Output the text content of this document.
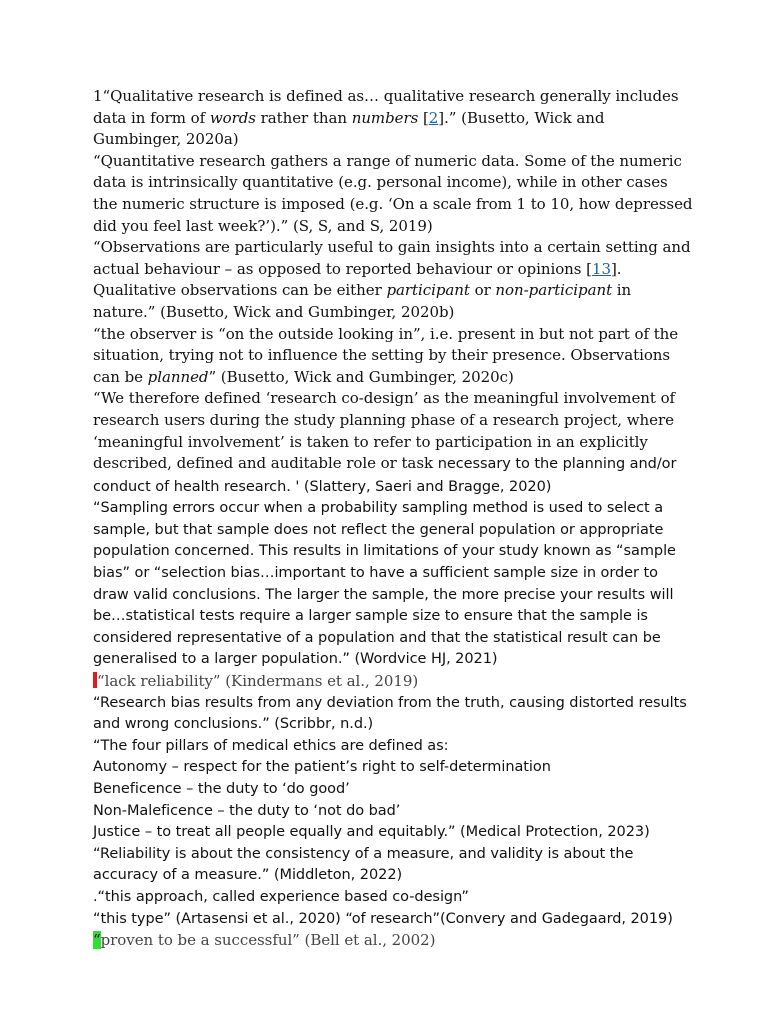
1“Qualitative research is defined as… qualitative research generally includes data in form of words rather than numbers [2].” (Busetto, Wick and Gumbinger, 2020a)

“Quantitative research gathers a range of numeric data. Some of the numeric data is intrinsically quantitative (e.g. personal income), while in other cases the numeric structure is imposed (e.g. ‘On a scale from 1 to 10, how depressed did you feel last week?’).” (S, S, and S, 2019)

“Observations are particularly useful to gain insights into a certain setting and actual behaviour – as opposed to reported behaviour or opinions [13]. Qualitative observations can be either participant or non-participant in nature.” (Busetto, Wick and Gumbinger, 2020b)

“the observer is “on the outside looking in”, i.e. present in but not part of the situation, trying not to influence the setting by their presence. Observations can be planned” (Busetto, Wick and Gumbinger, 2020c)

“We therefore defined ‘research co-design’ as the meaningful involvement of research users during the study planning phase of a research project, where ‘meaningful involvement’ is taken to refer to participation in an explicitly described, defined and auditable role or task necessary to the planning and/or conduct of health research. ' (Slattery, Saeri and Bragge, 2020)

“Sampling errors occur when a probability sampling method is used to select a sample, but that sample does not reflect the general population or appropriate population concerned. This results in limitations of your study known as “sample bias” or “selection bias…important to have a sufficient sample size in order to draw valid conclusions. The larger the sample, the more precise your results will be…statistical tests require a larger sample size to ensure that the sample is considered representative of a population and that the statistical result can be generalised to a larger population.” (Wordvice HJ, 2021)

“lack reliability” (Kindermans et al., 2019)

“Research bias results from any deviation from the truth, causing distorted results and wrong conclusions.” (Scribbr, n.d.)

“The four pillars of medical ethics are defined as:

Autonomy – respect for the patient’s right to self-determination

Beneficence – the duty to ‘do good’

Non-Maleficence – the duty to ‘not do bad’

Justice – to treat all people equally and equitably.” (Medical Protection, 2023)

“Reliability is about the consistency of a measure, and validity is about the accuracy of a measure.” (Middleton, 2022)

.“this approach, called experience based co-design”

“this type” (Artasensi et al., 2020) “of research”(Convery and Gadegaard, 2019)

“proven to be a successful” (Bell et al., 2002)
